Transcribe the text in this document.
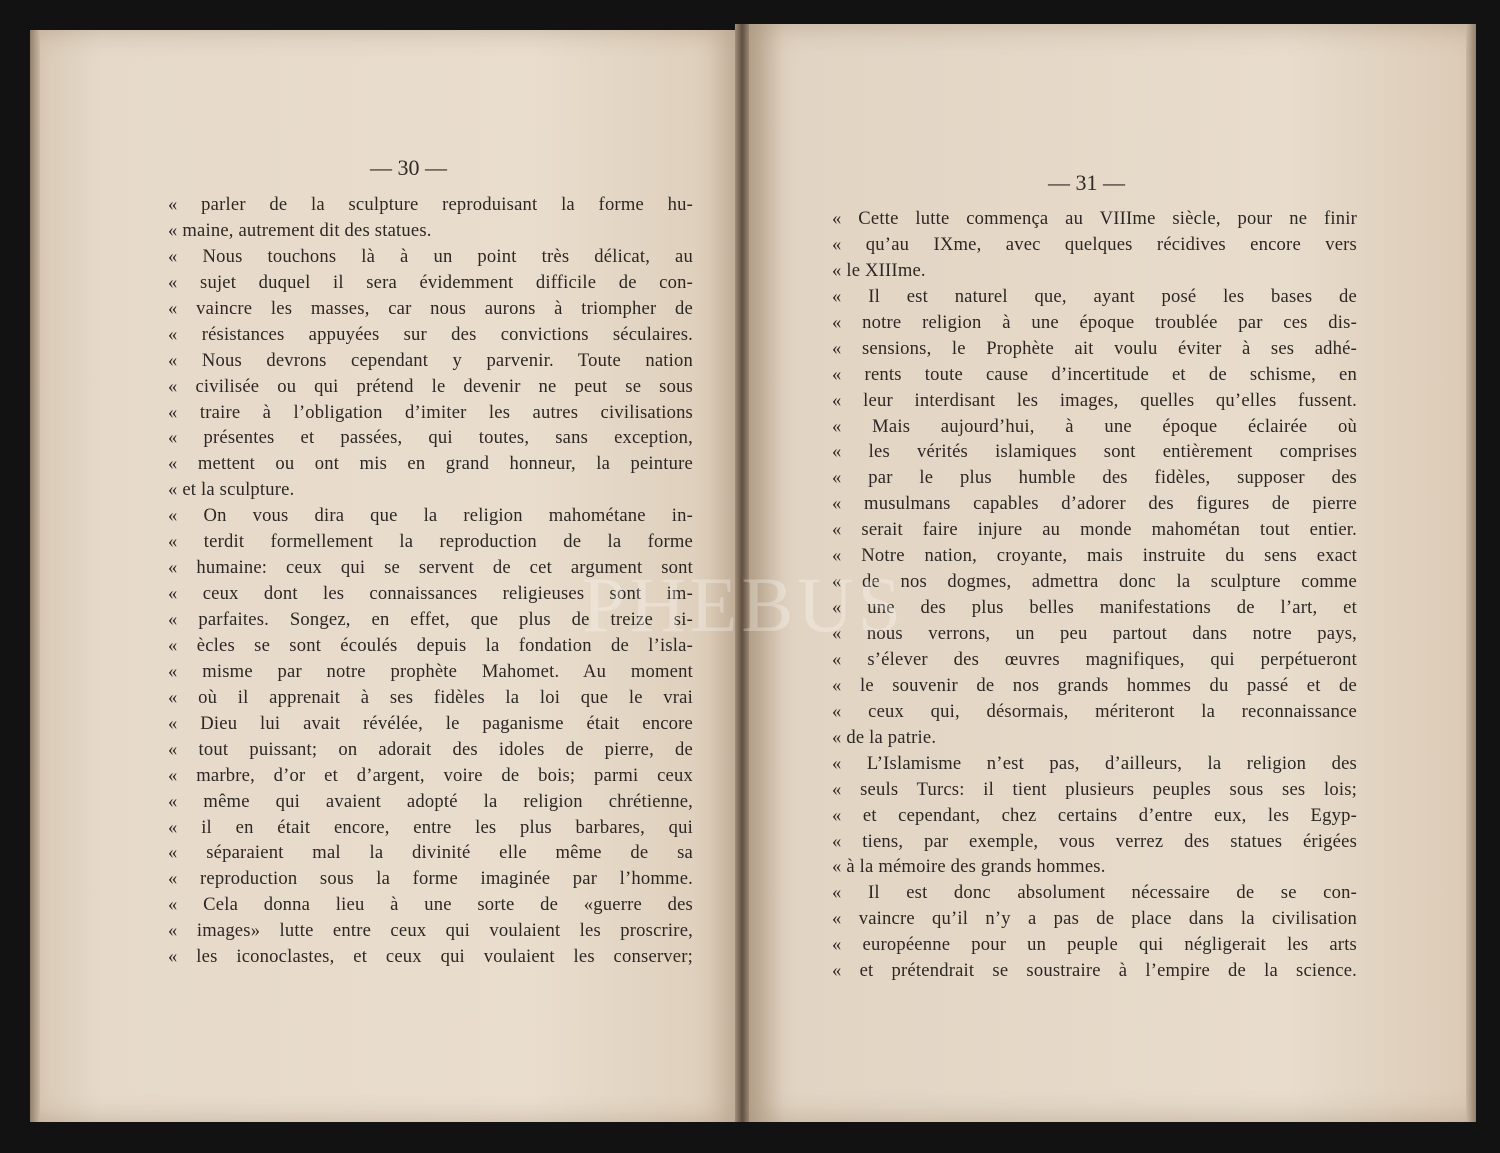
— 30 —
« parler de la sculpture reproduisant la forme hu-
« maine, autrement dit des statues.
« Nous touchons là à un point très délicat, au
« sujet duquel il sera évidemment difficile de con-
« vaincre les masses, car nous aurons à triompher de
« résistances appuyées sur des convictions séculaires.
« Nous devrons cependant y parvenir. Toute nation
« civilisée ou qui prétend le devenir ne peut se sous
« traire à l’obligation d’imiter les autres civilisations
« présentes et passées, qui toutes, sans exception,
« mettent ou ont mis en grand honneur, la peinture
« et la sculpture.
« On vous dira que la religion mahométane in-
« terdit formellement la reproduction de la forme
« humaine: ceux qui se servent de cet argument sont
« ceux dont les connaissances religieuses sont im-
« parfaites. Songez, en effet, que plus de treize si-
« ècles se sont écoulés depuis la fondation de l’isla-
« misme par notre prophète Mahomet. Au moment
« où il apprenait à ses fidèles la loi que le vrai
« Dieu lui avait révélée, le paganisme était encore
« tout puissant; on adorait des idoles de pierre, de
« marbre, d’or et d’argent, voire de bois; parmi ceux
« même qui avaient adopté la religion chrétienne,
« il en était encore, entre les plus barbares, qui
« séparaient mal la divinité elle même de sa
« reproduction sous la forme imaginée par l’homme.
« Cela donna lieu à une sorte de «guerre des
« images» lutte entre ceux qui voulaient les proscrire,
« les iconoclastes, et ceux qui voulaient les conserver;
— 31 —
« Cette lutte commença au VIIIme siècle, pour ne finir
« qu’au IXme, avec quelques récidives encore vers
« le XIIIme.
« Il est naturel que, ayant posé les bases de
« notre religion à une époque troublée par ces dis-
« sensions, le Prophète ait voulu éviter à ses adhé-
« rents toute cause d’incertitude et de schisme, en
« leur interdisant les images, quelles qu’elles fussent.
« Mais aujourd’hui, à une époque éclairée où
« les vérités islamiques sont entièrement comprises
« par le plus humble des fidèles, supposer des
« musulmans capables d’adorer des figures de pierre
« serait faire injure au monde mahométan tout entier.
« Notre nation, croyante, mais instruite du sens exact
« de nos dogmes, admettra donc la sculpture comme
« une des plus belles manifestations de l’art, et
« nous verrons, un peu partout dans notre pays,
« s’élever des œuvres magnifiques, qui perpétueront
« le souvenir de nos grands hommes du passé et de
« ceux qui, désormais, mériteront la reconnaissance
« de la patrie.
« L’Islamisme n’est pas, d’ailleurs, la religion des
« seuls Turcs: il tient plusieurs peuples sous ses lois;
« et cependant, chez certains d’entre eux, les Egyp-
« tiens, par exemple, vous verrez des statues érigées
« à la mémoire des grands hommes.
« Il est donc absolument nécessaire de se con-
« vaincre qu’il n’y a pas de place dans la civilisation
« européenne pour un peuple qui négligerait les arts
« et prétendrait se soustraire à l’empire de la science.
PHEBUS
